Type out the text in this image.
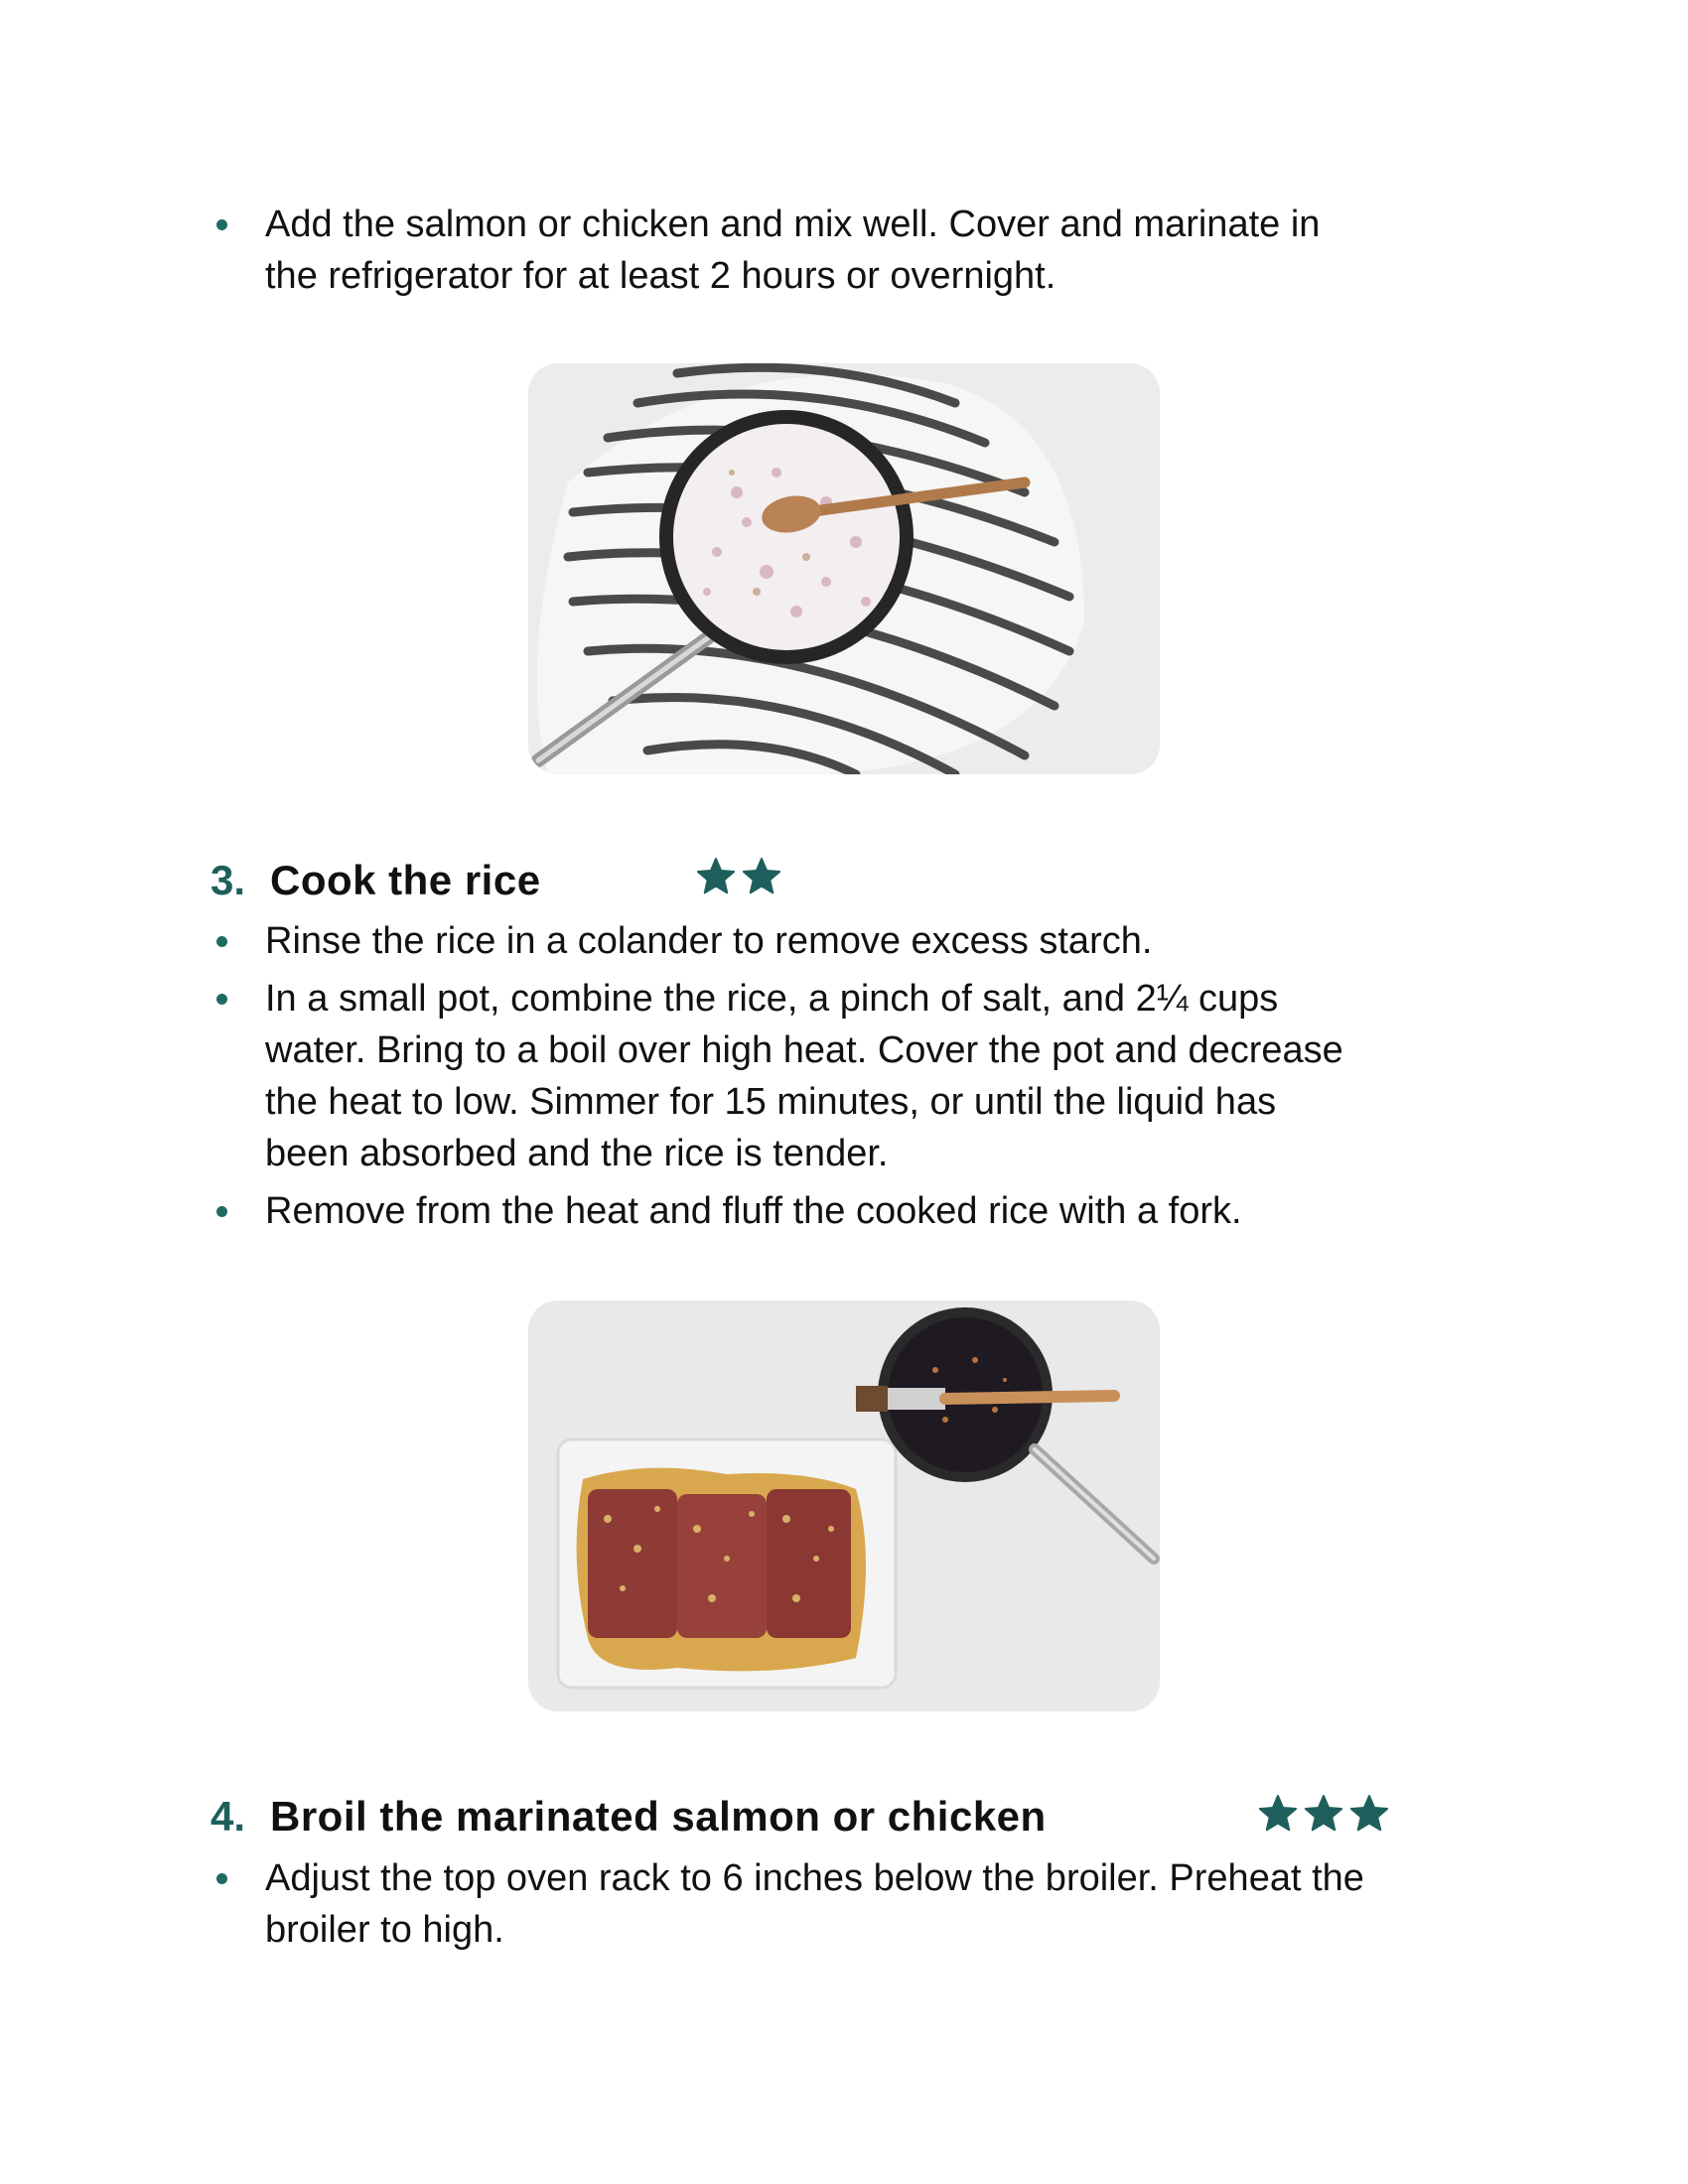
Add the salmon or chicken and mix well. Cover and marinate in
the refrigerator for at least 2 hours or overnight.
3. Cook the rice
Rinse the rice in a colander to remove excess starch.
In a small pot, combine the rice, a pinch of salt, and 2¼ cups
water. Bring to a boil over high heat. Cover the pot and decrease
the heat to low. Simmer for 15 minutes, or until the liquid has
been absorbed and the rice is tender.
Remove from the heat and fluff the cooked rice with a fork.
4. Broil the marinated salmon or chicken
Adjust the top oven rack to 6 inches below the broiler. Preheat the
broiler to high.
